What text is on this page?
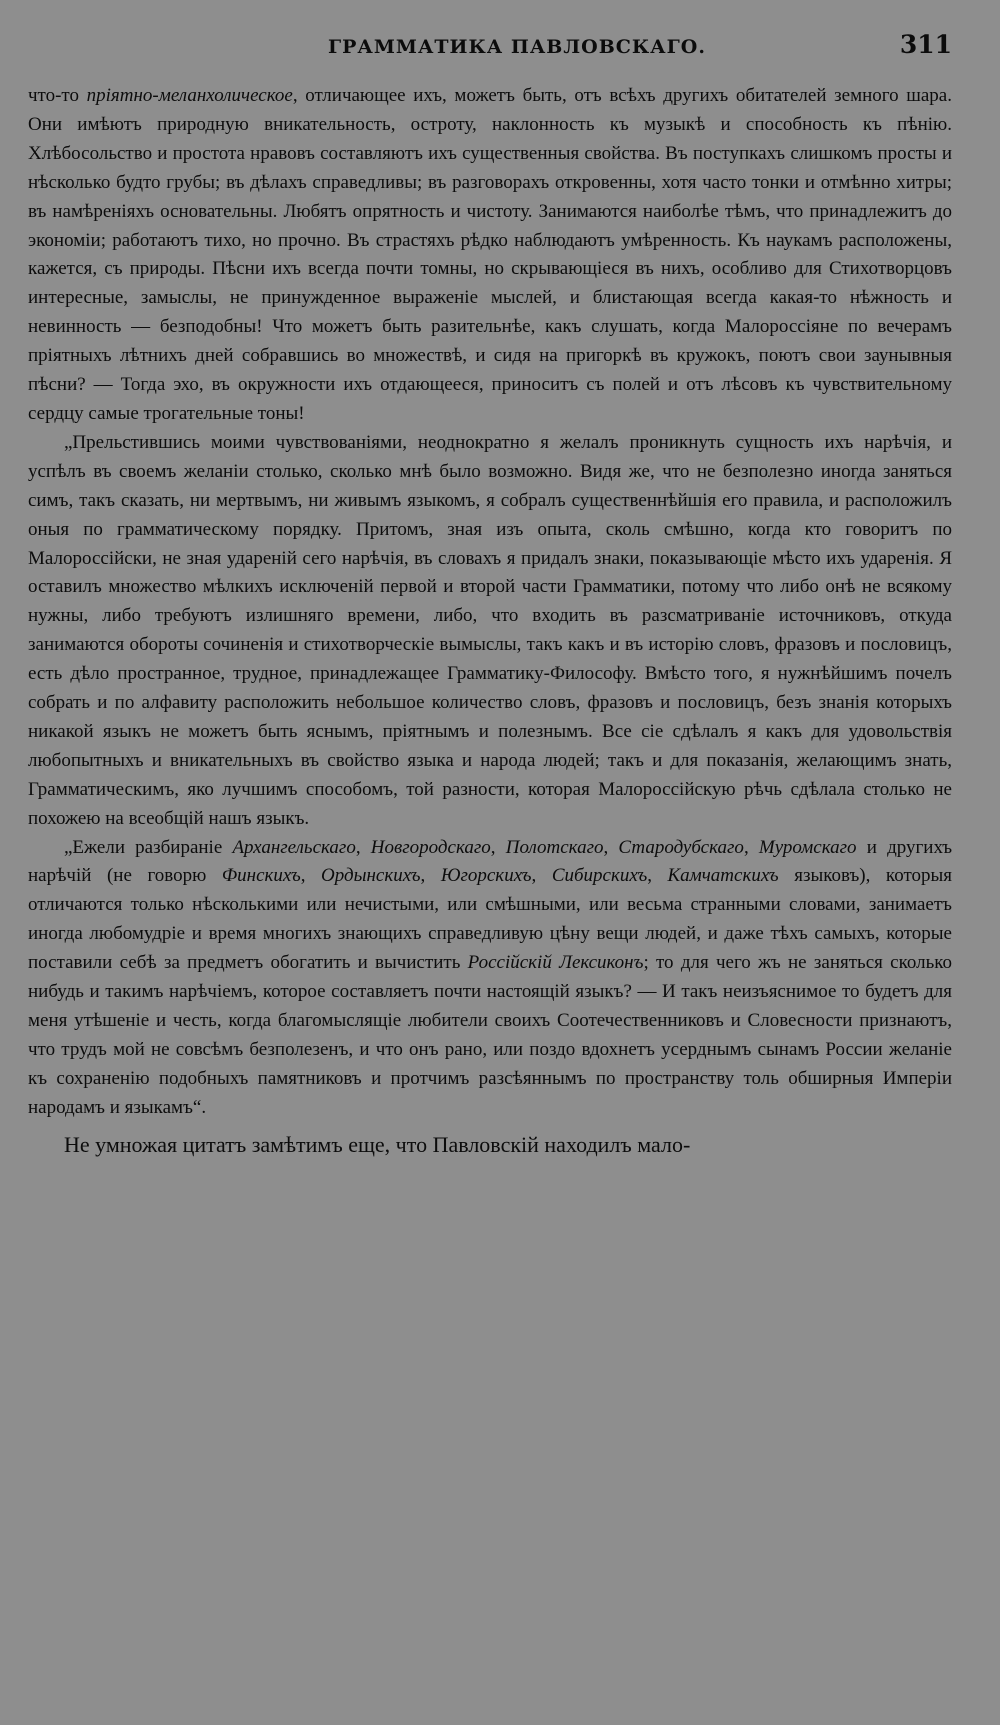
ГРАММАТИКА ПАВЛОВСКАГО.	311

что-то пріятно-меланхолическое, отличающее ихъ, можетъ быть, отъ всѣхъ другихъ обитателей земного шара. Они имѣютъ природную вникательность, остроту, наклонность къ музыкѣ и способность къ пѣнію. Хлѣбосольство и простота нравовъ составляютъ ихъ существенныя свойства. Въ поступкахъ слишкомъ просты и нѣсколько будто грубы; въ дѣлахъ справедливы; въ разговорахъ откровенны, хотя часто тонки и отмѣнно хитры; въ намѣреніяхъ основательны. Любятъ опрятность и чистоту. Занимаются наиболѣе тѣмъ, что принадлежитъ до экономіи; работаютъ тихо, но прочно. Въ страстяхъ рѣдко наблюдаютъ умѣренность. Къ наукамъ расположены, кажется, съ природы. Пѣсни ихъ всегда почти томны, но скрывающіеся въ нихъ, особливо для Стихотворцовъ интересные, замыслы, не принужденное выраженіе мыслей, и блистающая всегда какая-то нѣжность и невинность — безподобны! Что можетъ быть разительнѣе, какъ слушать, когда Малороссіяне по вечерамъ пріятныхъ лѣтнихъ дней собравшись во множествѣ, и сидя на пригоркѣ въ кружокъ, поютъ свои заунывныя пѣсни? — Тогда эхо, въ окружности ихъ отдающееся, приноситъ съ полей и отъ лѣсовъ къ чувствительному сердцу самые трогательные тоны!

„Прельстившись моими чувствованіями, неоднократно я желалъ проникнуть сущность ихъ нарѣчія, и успѣлъ въ своемъ желаніи столько, сколько мнѣ было возможно. Видя же, что не безполезно иногда заняться симъ, такъ сказать, ни мертвымъ, ни живымъ языкомъ, я собралъ существеннѣйшія его правила, и расположилъ оныя по грамматическому порядку. Притомъ, зная изъ опыта, сколь смѣшно, когда кто говоритъ по Малороссійски, не зная удареній сего нарѣчія, въ словахъ я придалъ знаки, показывающіе мѣсто ихъ ударенія. Я оставилъ множество мѣлкихъ исключеній первой и второй части Грамматики, потому что либо онѣ не всякому нужны, либо требуютъ излишняго времени, либо, что входить въ разсматриваніе источниковъ, откуда занимаются обороты сочиненія и стихотворческіе вымыслы, такъ какъ и въ исторію словъ, фразовъ и пословицъ, есть дѣло пространное, трудное, принадлежащее Грамматику-Философу. Вмѣсто того, я нужнѣйшимъ почелъ собрать и по алфавиту расположить небольшое количество словъ, фразовъ и пословицъ, безъ знанія которыхъ никакой языкъ не можетъ быть яснымъ, пріятнымъ и полезнымъ. Все сіе сдѣлалъ я какъ для удовольствія любопытныхъ и вникательныхъ въ свойство языка и народа людей; такъ и для показанія, желающимъ знать, Грамматическимъ, яко лучшимъ способомъ, той разности, которая Малороссійскую рѣчь сдѣлала столько не похожею на всеобщій нашъ языкъ.

„Ежели разбираніе Архангельскаго, Новгородскаго, Полотскаго, Стародубскаго, Муромскаго и другихъ нарѣчій (не говорю Финскихъ, Ордынскихъ, Югорскихъ, Сибирскихъ, Камчатскихъ языковъ), которыя отличаются только нѣсколькими или нечистыми, или смѣшными, или весьма странными словами, занимаетъ иногда любомудріе и время многихъ знающихъ справедливую цѣну вещи людей, и даже тѣхъ самыхъ, которые поставили себѣ за предметъ обогатить и вычистить Россійскій Лексиконъ; то для чего жъ не заняться сколько нибудь и такимъ нарѣчіемъ, которое составляетъ почти настоящій языкъ? — И такъ неизъяснимое то будетъ для меня утѣшеніе и честь, когда благомыслящіе любители своихъ Соотечественниковъ и Словесности признаютъ, что трудъ мой не совсѣмъ безполезенъ, и что онъ рано, или поздо вдохнетъ усерднымъ сынамъ России желаніе къ сохраненію подобныхъ памятниковъ и протчимъ разсѣяннымъ по пространству толь обширныя Имперіи народамъ и языкамъ“.

Не умножая цитатъ замѣтимъ еще, что Павловскій находилъ мало-
